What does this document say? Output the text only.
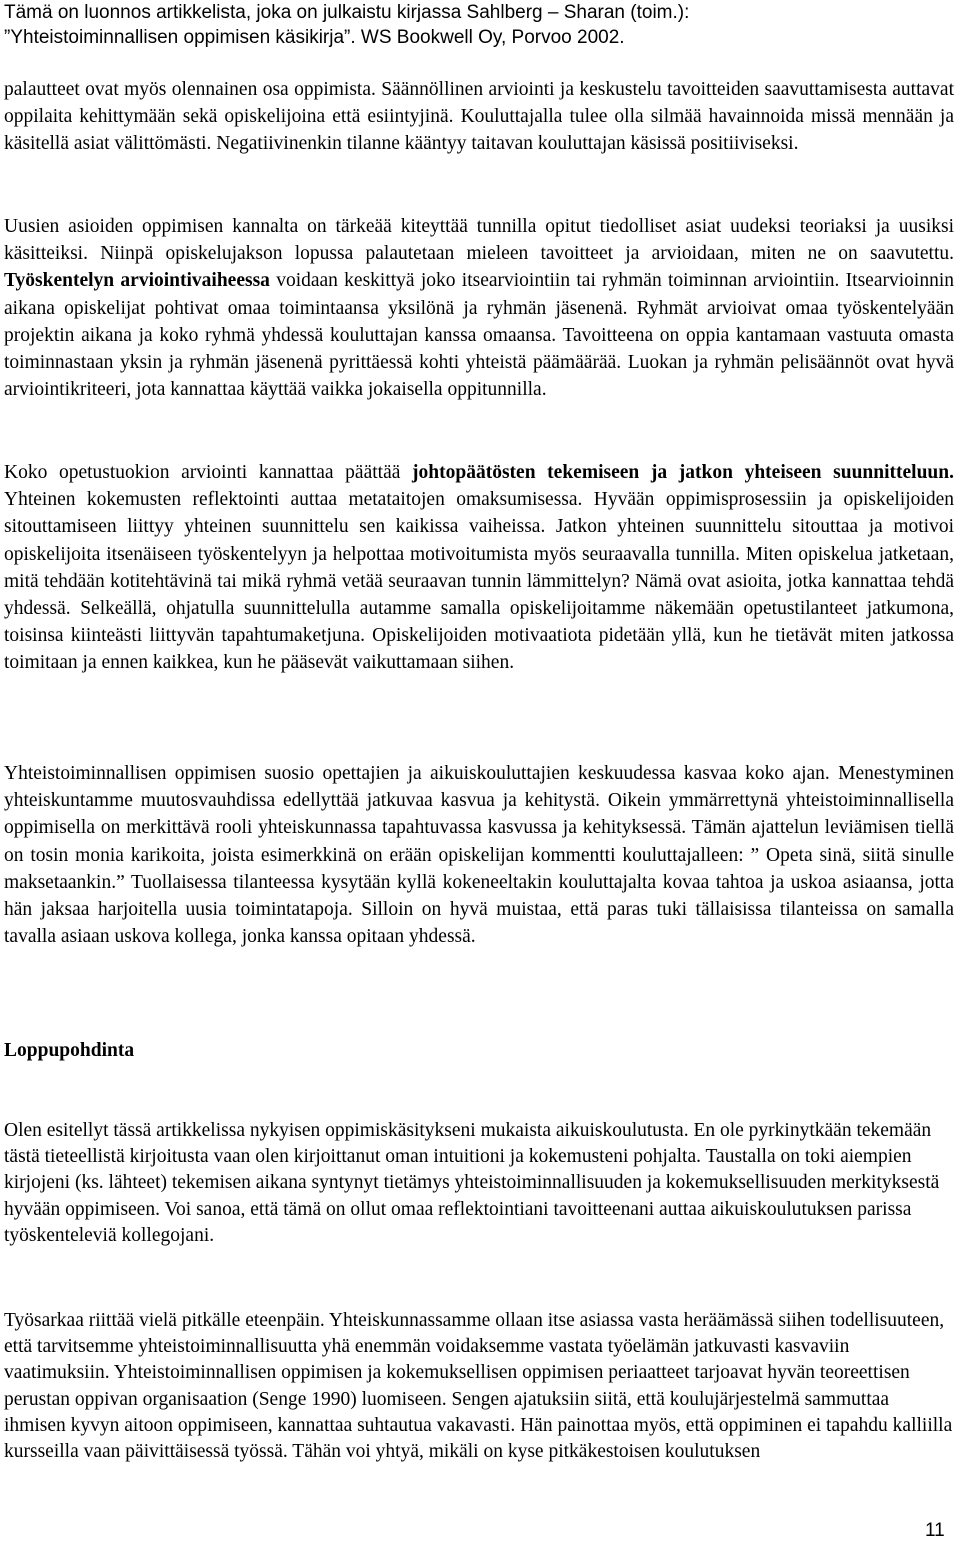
Tämä on luonnos artikkelista, joka on julkaistu kirjassa Sahlberg – Sharan (toim.):
”Yhteistoiminnallisen oppimisen käsikirja”. WS Bookwell Oy, Porvoo 2002.

palautteet ovat myös olennainen osa oppimista. Säännöllinen arviointi ja keskustelu tavoitteiden saavuttamisesta auttavat oppilaita kehittymään sekä opiskelijoina että esiintyjinä. Kouluttajalla tulee olla silmää havainnoida missä mennään ja käsitellä asiat välittömästi. Negatiivinenkin tilanne kääntyy taitavan kouluttajan käsissä positiiviseksi.

Uusien asioiden oppimisen kannalta on tärkeää kiteyttää tunnilla opitut tiedolliset asiat uudeksi teoriaksi ja uusiksi käsitteiksi. Niinpä opiskelujakson lopussa palautetaan mieleen tavoitteet ja arvioidaan, miten ne on saavutettu. Työskentelyn arviointivaiheessa voidaan keskittyä joko itsearviointiin tai ryhmän toiminnan arviointiin. Itsearvioinnin aikana opiskelijat pohtivat omaa toimintaansa yksilönä ja ryhmän jäsenenä. Ryhmät arvioivat omaa työskentelyään projektin aikana ja koko ryhmä yhdessä kouluttajan kanssa omaansa. Tavoitteena on oppia kantamaan vastuuta omasta toiminnastaan yksin ja ryhmän jäsenenä pyrittäessä kohti yhteistä päämäärää. Luokan ja ryhmän pelisäännöt ovat hyvä arviointikriteeri, jota kannattaa käyttää vaikka jokaisella oppitunnilla.

Koko opetustuokion arviointi kannattaa päättää johtopäätösten tekemiseen ja jatkon yhteiseen suunnitteluun. Yhteinen kokemusten reflektointi auttaa metataitojen omaksumisessa. Hyvään oppimisprosessiin ja opiskelijoiden sitouttamiseen liittyy yhteinen suunnittelu sen kaikissa vaiheissa. Jatkon yhteinen suunnittelu sitouttaa ja motivoi opiskelijoita itsenäiseen työskentelyyn ja helpottaa motivoitumista myös seuraavalla tunnilla. Miten opiskelua jatketaan, mitä tehdään kotitehtävinä tai mikä ryhmä vetää seuraavan tunnin lämmittelyn? Nämä ovat asioita, jotka kannattaa tehdä yhdessä. Selkeällä, ohjatulla suunnittelulla autamme samalla opiskelijoitamme näkemään opetustilanteet jatkumona, toisinsa kiinteästi liittyvän tapahtumaketjuna. Opiskelijoiden motivaatiota pidetään yllä, kun he tietävät miten jatkossa toimitaan ja ennen kaikkea, kun he pääsevät vaikuttamaan siihen.

Yhteistoiminnallisen oppimisen suosio opettajien ja aikuiskouluttajien keskuudessa kasvaa koko ajan. Menestyminen yhteiskuntamme muutosvauhdissa edellyttää jatkuvaa kasvua ja kehitystä. Oikein ymmärrettynä yhteistoiminnallisella oppimisella on merkittävä rooli yhteiskunnassa tapahtuvassa kasvussa ja kehityksessä. Tämän ajattelun leviämisen tiellä on tosin monia karikoita, joista esimerkkinä on erään opiskelijan kommentti kouluttajalleen: ” Opeta sinä, siitä sinulle maksetaankin.” Tuollaisessa tilanteessa kysytään kyllä kokeneeltakin kouluttajalta kovaa tahtoa ja uskoa asiaansa, jotta hän jaksaa harjoitella uusia toimintatapoja. Silloin on hyvä muistaa, että paras tuki tällaisissa tilanteissa on samalla tavalla asiaan uskova kollega, jonka kanssa opitaan yhdessä.

Loppupohdinta

Olen esitellyt tässä artikkelissa nykyisen oppimiskäsitykseni mukaista aikuiskoulutusta. En ole pyrkinytkään tekemään tästä tieteellistä kirjoitusta vaan olen kirjoittanut oman intuitioni ja kokemusteni pohjalta. Taustalla on toki aiempien kirjojeni (ks. lähteet) tekemisen aikana syntynyt tietämys yhteistoiminnallisuuden ja kokemuksellisuuden merkityksestä hyvään oppimiseen. Voi sanoa, että tämä on ollut omaa reflektointiani tavoitteenani auttaa aikuiskoulutuksen parissa työskenteleviä kollegojani.

Työsarkaa riittää vielä pitkälle eteenpäin. Yhteiskunnassamme ollaan itse asiassa vasta heräämässä siihen todellisuuteen, että tarvitsemme yhteistoiminnallisuutta yhä enemmän voidaksemme vastata työelämän jatkuvasti kasvaviin vaatimuksiin. Yhteistoiminnallisen oppimisen ja kokemuksellisen oppimisen periaatteet tarjoavat hyvän teoreettisen perustan oppivan organisaation (Senge 1990) luomiseen. Sengen ajatuksiin siitä, että koulujärjestelmä sammuttaa ihmisen kyvyn aitoon oppimiseen, kannattaa suhtautua vakavasti. Hän painottaa myös, että oppiminen ei tapahdu kalliilla kursseilla vaan päivittäisessä työssä. Tähän voi yhtyä, mikäli on kyse pitkäkestoisen koulutuksen

11
